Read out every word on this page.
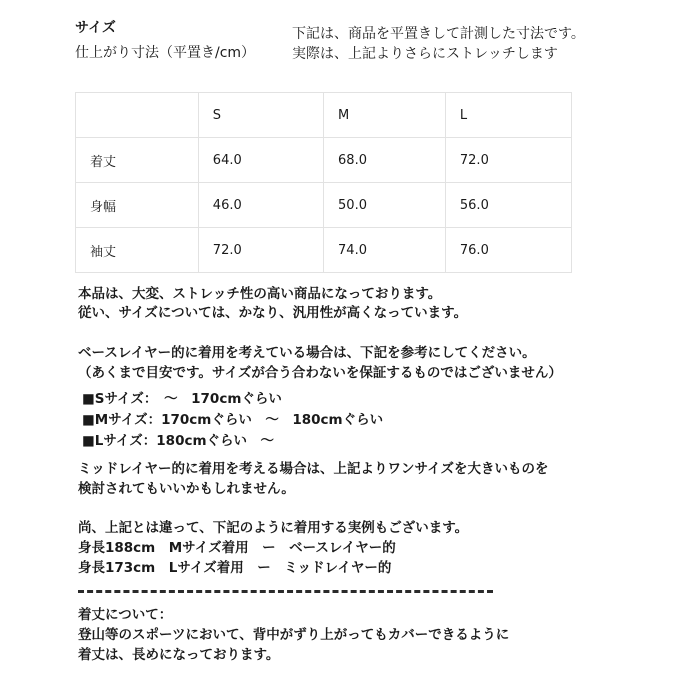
サイズ
仕上がり寸法（平置き/cm）
下記は、商品を平置きして計測した寸法です。
実際は、上記よりさらにストレッチします
	S	M	L
着丈	64.0	68.0	72.0
身幅	46.0	50.0	56.0
袖丈	72.0	74.0	76.0
本品は、大変、ストレッチ性の高い商品になっております。
従い、サイズについては、かなり、汎用性が高くなっています。
ベースレイヤー的に着用を考えている場合は、下記を参考にしてください。
（あくまで目安です。サイズが合う合わないを保証するものではございません）
■Sサイズ：　～　170cmぐらい
■Mサイズ：170cmぐらい　～　180cmぐらい
■Lサイズ：180cmぐらい　～
ミッドレイヤー的に着用を考える場合は、上記よりワンサイズを大きいものを
検討されてもいいかもしれません。
尚、上記とは違って、下記のように着用する実例もございます。
身長188cm　Mサイズ着用　ー　ベースレイヤー的
身長173cm　Lサイズ着用　ー　ミッドレイヤー的
着丈について：
登山等のスポーツにおいて、背中がずり上がってもカバーできるように
着丈は、長めになっております。
